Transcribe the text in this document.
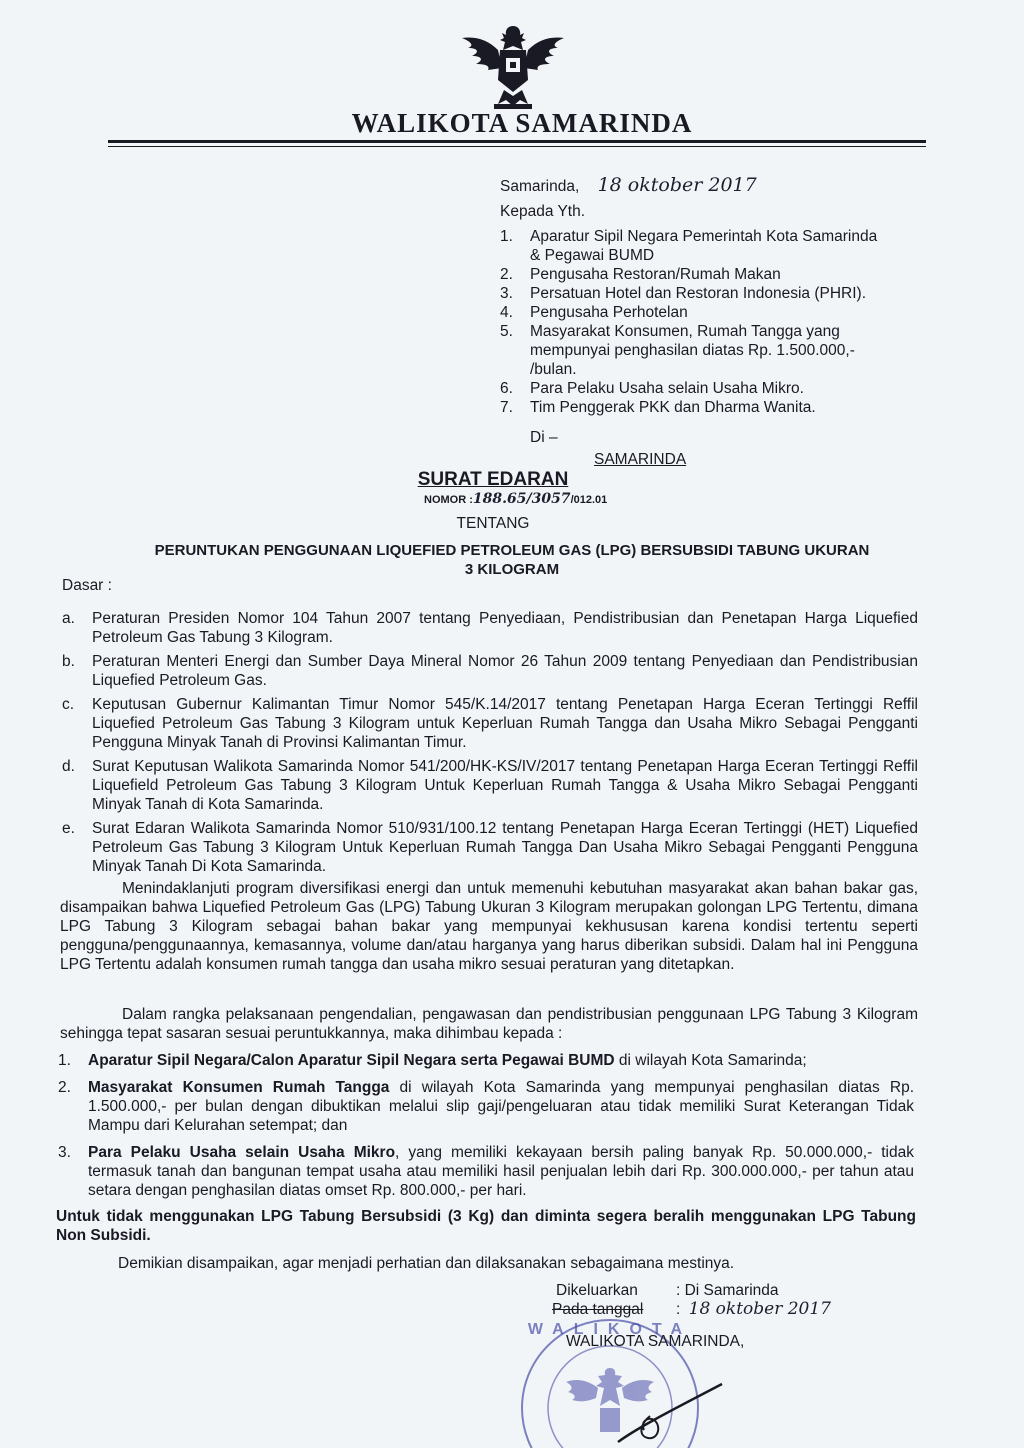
WALIKOTA SAMARINDA
Samarinda, 18 oktober 2017
Kepada Yth.
1. Aparatur Sipil Negara Pemerintah Kota Samarinda
& Pegawai BUMD
2. Pengusaha Restoran/Rumah Makan
3. Persatuan Hotel dan Restoran Indonesia (PHRI).
4. Pengusaha Perhotelan
5. Masyarakat Konsumen, Rumah Tangga yang
mempunyai penghasilan diatas Rp. 1.500.000,-
/bulan.
6. Para Pelaku Usaha selain Usaha Mikro.
7. Tim Penggerak PKK dan Dharma Wanita.
Di –
SAMARINDA
SURAT EDARAN
NOMOR :188.65/3057/012.01
TENTANG
PERUNTUKAN PENGGUNAAN LIQUEFIED PETROLEUM GAS (LPG) BERSUBSIDI TABUNG UKURAN
3 KILOGRAM
Dasar :
a.	Peraturan Presiden Nomor 104 Tahun 2007 tentang Penyediaan, Pendistribusian dan Penetapan Harga Liquefied Petroleum Gas Tabung 3 Kilogram.
b.	Peraturan Menteri Energi dan Sumber Daya Mineral Nomor 26 Tahun 2009 tentang Penyediaan dan Pendistribusian Liquefied Petroleum Gas.
c.	Keputusan Gubernur Kalimantan Timur Nomor 545/K.14/2017 tentang Penetapan Harga Eceran Tertinggi Reffil Liquefied Petroleum Gas Tabung 3 Kilogram untuk Keperluan Rumah Tangga dan Usaha Mikro Sebagai Pengganti Pengguna Minyak Tanah di Provinsi Kalimantan Timur.
d.	Surat Keputusan Walikota Samarinda Nomor 541/200/HK-KS/IV/2017 tentang Penetapan Harga Eceran Tertinggi Reffil Liquefield Petroleum Gas Tabung 3 Kilogram Untuk Keperluan Rumah Tangga & Usaha Mikro Sebagai Pengganti Minyak Tanah di Kota Samarinda.
e.	Surat Edaran Walikota Samarinda Nomor 510/931/100.12 tentang Penetapan Harga Eceran Tertinggi (HET) Liquefied Petroleum Gas Tabung 3 Kilogram Untuk Keperluan Rumah Tangga Dan Usaha Mikro Sebagai Pengganti Pengguna Minyak Tanah Di Kota Samarinda.
Menindaklanjuti program diversifikasi energi dan untuk memenuhi kebutuhan masyarakat akan bahan bakar gas, disampaikan bahwa Liquefied Petroleum Gas (LPG) Tabung Ukuran 3 Kilogram merupakan golongan LPG Tertentu, dimana LPG Tabung 3 Kilogram sebagai bahan bakar yang mempunyai kekhususan karena kondisi tertentu seperti pengguna/penggunaannya, kemasannya, volume dan/atau harganya yang harus diberikan subsidi. Dalam hal ini Pengguna LPG Tertentu adalah konsumen rumah tangga dan usaha mikro sesuai peraturan yang ditetapkan.
Dalam rangka pelaksanaan pengendalian, pengawasan dan pendistribusian penggunaan LPG Tabung 3 Kilogram sehingga tepat sasaran sesuai peruntukkannya, maka dihimbau kepada :
1.	Aparatur Sipil Negara/Calon Aparatur Sipil Negara serta Pegawai BUMD di wilayah Kota Samarinda;
2.	Masyarakat Konsumen Rumah Tangga di wilayah Kota Samarinda yang mempunyai penghasilan diatas Rp. 1.500.000,- per bulan dengan dibuktikan melalui slip gaji/pengeluaran atau tidak memiliki Surat Keterangan Tidak Mampu dari Kelurahan setempat; dan
3.	Para Pelaku Usaha selain Usaha Mikro, yang memiliki kekayaan bersih paling banyak Rp. 50.000.000,- tidak termasuk tanah dan bangunan tempat usaha atau memiliki hasil penjualan lebih dari Rp. 300.000.000,- per tahun atau setara dengan penghasilan diatas omset Rp. 800.000,- per hari.
Untuk tidak menggunakan LPG Tabung Bersubsidi (3 Kg) dan diminta segera beralih menggunakan LPG Tabung Non Subsidi.
Demikian disampaikan, agar menjadi perhatian dan dilaksanakan sebagaimana mestinya.
WALIKOTA
Dikeluarkan : Di Samarinda
Pada tanggal : 18 oktober 2017
WALIKOTA SAMARINDA,
